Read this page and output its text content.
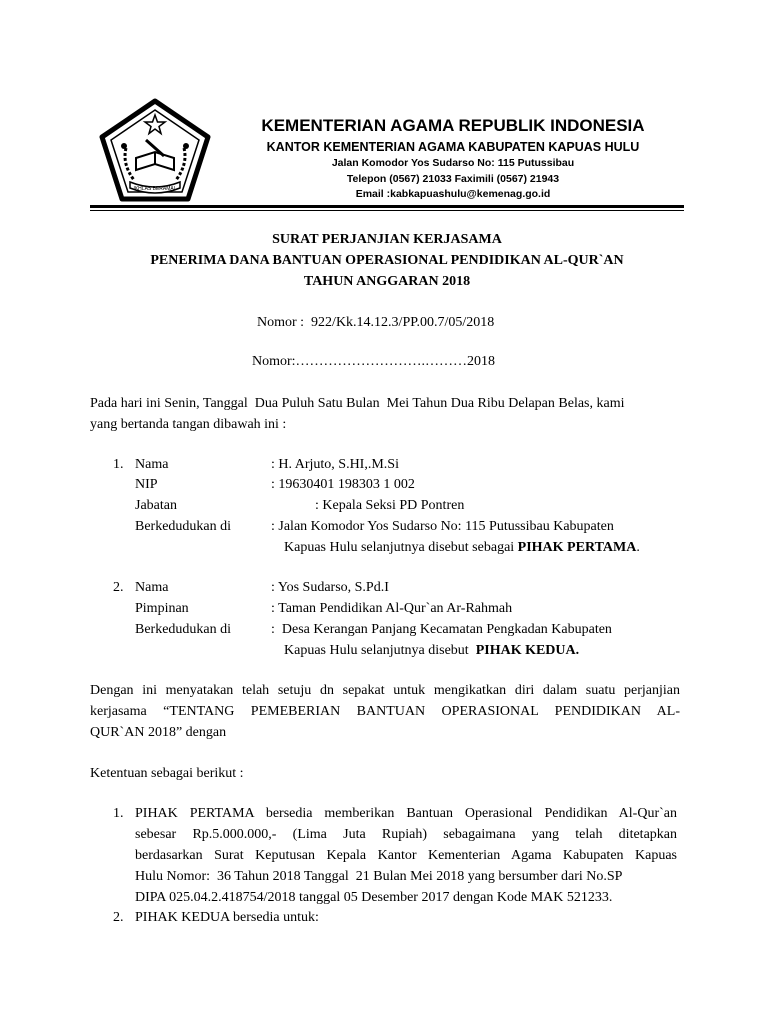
IKHLAS BERAMAL
KEMENTERIAN AGAMA REPUBLIK INDONESIA
KANTOR KEMENTERIAN AGAMA KABUPATEN KAPUAS HULU
Jalan Komodor Yos Sudarso No: 115 Putussibau
Telepon (0567) 21033 Faximili (0567) 21943
Email :kabkapuashulu@kemenag.go.id
SURAT PERJANJIAN KERJASAMA
PENERIMA DANA BANTUAN OPERASIONAL PENDIDIKAN AL-QUR`AN
TAHUN ANGGARAN 2018
Nomor :  922/Kk.14.12.3/PP.00.7/05/2018
Nomor:……………………….………2018
Pada hari ini Senin, Tanggal  Dua Puluh Satu Bulan  Mei Tahun Dua Ribu Delapan Belas, kami
yang bertanda tangan dibawah ini :
1. Nama	: H. Arjuto, S.HI,.M.Si
NIP	: 19630401 198303 1 002
Jabatan	: Kepala Seksi PD Pontren
Berkedudukan di	: Jalan Komodor Yos Sudarso No: 115 Putussibau Kabupaten
Kapuas Hulu selanjutnya disebut sebagai PIHAK PERTAMA.
2. Nama	: Yos Sudarso, S.Pd.I
Pimpinan	: Taman Pendidikan Al-Qur`an Ar-Rahmah
Berkedudukan di	:  Desa Kerangan Panjang Kecamatan Pengkadan Kabupaten
Kapuas Hulu selanjutnya disebut  PIHAK KEDUA.
Dengan ini menyatakan telah setuju dn sepakat untuk mengikatkan diri dalam suatu perjanjian
kerjasama “TENTANG PEMEBERIAN BANTUAN OPERASIONAL PENDIDIKAN AL-
QUR`AN 2018” dengan
Ketentuan sebagai berikut :
1. PIHAK PERTAMA bersedia memberikan Bantuan Operasional Pendidikan Al-Qur`an
sebesar Rp.5.000.000,- (Lima Juta Rupiah) sebagaimana yang telah ditetapkan
berdasarkan Surat Keputusan Kepala Kantor Kementerian Agama Kabupaten Kapuas
Hulu Nomor:  36 Tahun 2018 Tanggal  21 Bulan Mei 2018 yang bersumber dari No.SP
DIPA 025.04.2.418754/2018 tanggal 05 Desember 2017 dengan Kode MAK 521233.
2. PIHAK KEDUA bersedia untuk:
